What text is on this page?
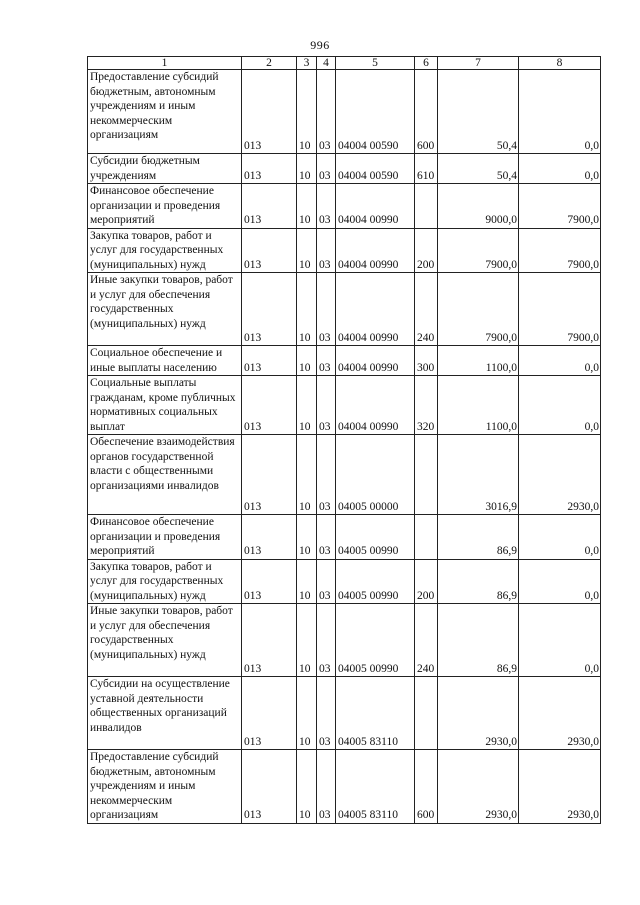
996
1	2	3	4	5	6	7	8
Предоставление субсидий бюджетным, автономным учреждениям и иным некоммерческим организациям	013	10	03	04004 00590	600	50,4	0,0
Субсидии бюджетным учреждениям	013	10	03	04004 00590	610	50,4	0,0
Финансовое обеспечение организации и проведения мероприятий	013	10	03	04004 00990		9000,0	7900,0
Закупка товаров, работ и услуг для государственных (муниципальных) нужд	013	10	03	04004 00990	200	7900,0	7900,0
Иные закупки товаров, работ и услуг для обеспечения государственных (муниципальных) нужд	013	10	03	04004 00990	240	7900,0	7900,0
Социальное обеспечение и иные выплаты населению	013	10	03	04004 00990	300	1100,0	0,0
Социальные выплаты гражданам, кроме публичных нормативных социальных выплат	013	10	03	04004 00990	320	1100,0	0,0
Обеспечение взаимодействия органов государственной власти с общественными организациями инвалидов	013	10	03	04005 00000		3016,9	2930,0
Финансовое обеспечение организации и проведения мероприятий	013	10	03	04005 00990		86,9	0,0
Закупка товаров, работ и услуг для государственных (муниципальных) нужд	013	10	03	04005 00990	200	86,9	0,0
Иные закупки товаров, работ и услуг для обеспечения государственных (муниципальных) нужд	013	10	03	04005 00990	240	86,9	0,0
Субсидии на осуществление уставной деятельности общественных организаций инвалидов	013	10	03	04005 83110		2930,0	2930,0
Предоставление субсидий бюджетным, автономным учреждениям и иным некоммерческим организациям	013	10	03	04005 83110	600	2930,0	2930,0
